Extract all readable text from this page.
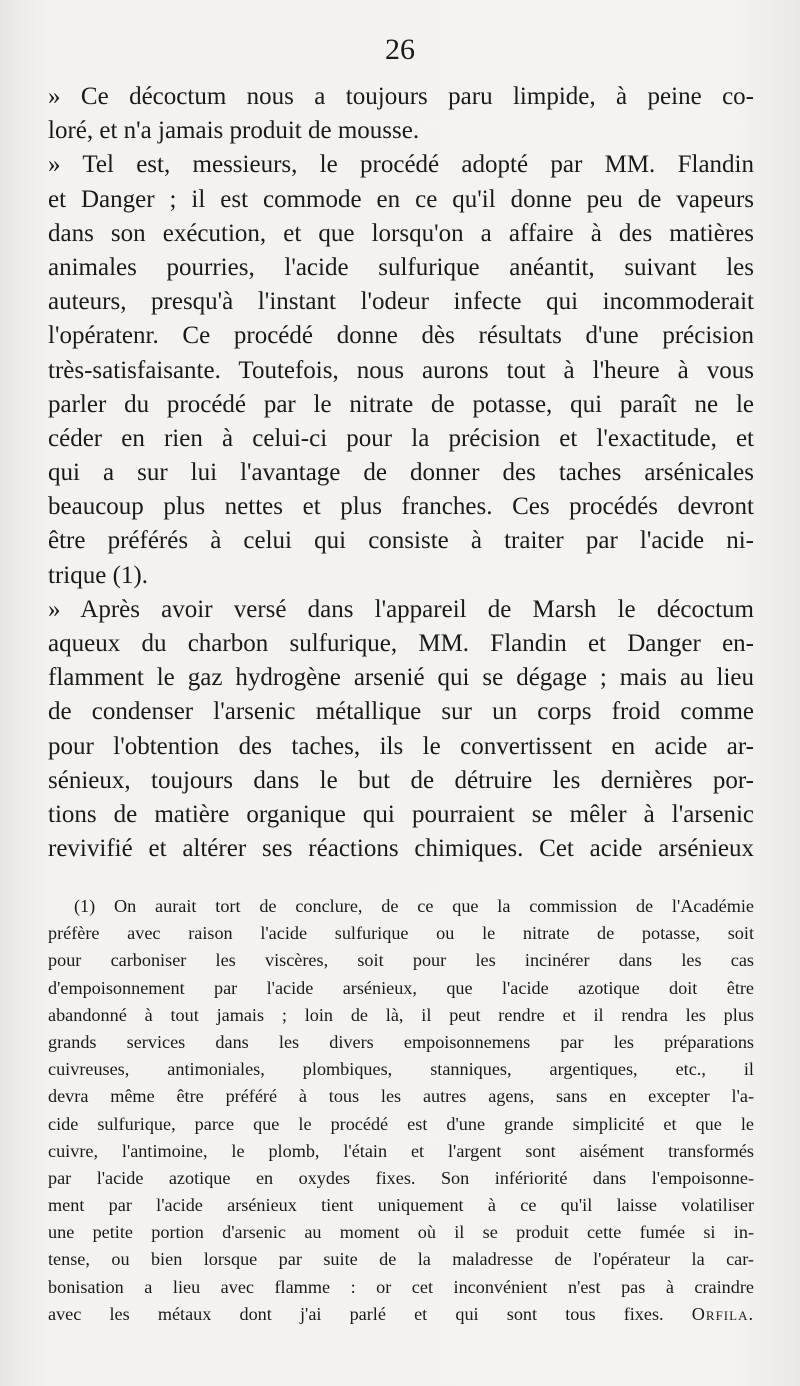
26
» Ce décoctum nous a toujours paru limpide, à peine co-
loré, et n'a jamais produit de mousse.
» Tel est, messieurs, le procédé adopté par MM. Flandin
et Danger ; il est commode en ce qu'il donne peu de vapeurs
dans son exécution, et que lorsqu'on a affaire à des matières
animales pourries, l'acide sulfurique anéantit, suivant les
auteurs, presqu'à l'instant l'odeur infecte qui incommoderait
l'opératenr. Ce procédé donne dès résultats d'une précision
très-satisfaisante. Toutefois, nous aurons tout à l'heure à vous
parler du procédé par le nitrate de potasse, qui paraît ne le
céder en rien à celui-ci pour la précision et l'exactitude, et
qui a sur lui l'avantage de donner des taches arsénicales
beaucoup plus nettes et plus franches. Ces procédés devront
être préférés à celui qui consiste à traiter par l'acide ni-
trique (1).
» Après avoir versé dans l'appareil de Marsh le décoctum
aqueux du charbon sulfurique, MM. Flandin et Danger en-
flamment le gaz hydrogène arsenié qui se dégage ; mais au lieu
de condenser l'arsenic métallique sur un corps froid comme
pour l'obtention des taches, ils le convertissent en acide ar-
sénieux, toujours dans le but de détruire les dernières por-
tions de matière organique qui pourraient se mêler à l'arsenic
revivifié et altérer ses réactions chimiques. Cet acide arsénieux
(1) On aurait tort de conclure, de ce que la commission de l'Académie
préfère avec raison l'acide sulfurique ou le nitrate de potasse, soit
pour carboniser les viscères, soit pour les incinérer dans les cas
d'empoisonnement par l'acide arsénieux, que l'acide azotique doit être
abandonné à tout jamais ; loin de là, il peut rendre et il rendra les plus
grands services dans les divers empoisonnemens par les préparations
cuivreuses, antimoniales, plombiques, stanniques, argentiques, etc., il
devra même être préféré à tous les autres agens, sans en excepter l'a-
cide sulfurique, parce que le procédé est d'une grande simplicité et que le
cuivre, l'antimoine, le plomb, l'étain et l'argent sont aisément transformés
par l'acide azotique en oxydes fixes. Son infériorité dans l'empoisonne-
ment par l'acide arsénieux tient uniquement à ce qu'il laisse volatiliser
une petite portion d'arsenic au moment où il se produit cette fumée si in-
tense, ou bien lorsque par suite de la maladresse de l'opérateur la car-
bonisation a lieu avec flamme : or cet inconvénient n'est pas à craindre
avec les métaux dont j'ai parlé et qui sont tous fixes. Orfila.
